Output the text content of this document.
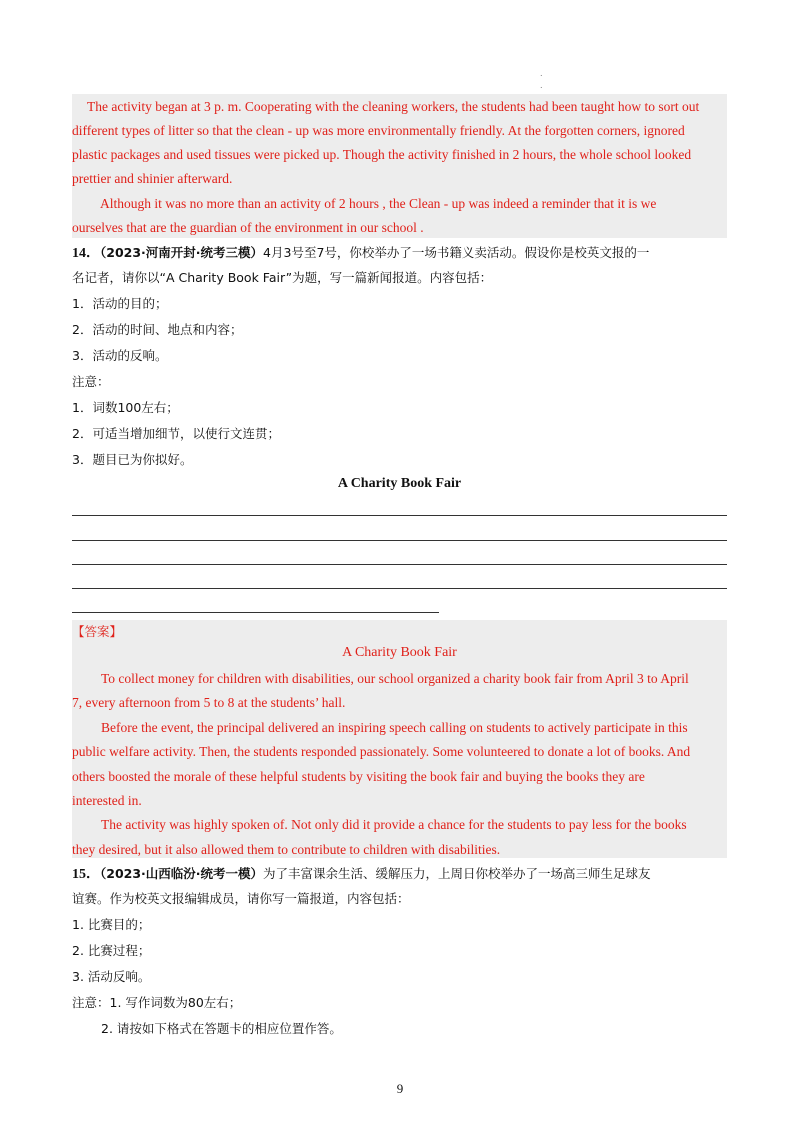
.
.
The activity began at 3 p. m. Cooperating with the cleaning workers, the students had been taught how to sort out
different types of litter so that the clean - up was more environmentally friendly. At the forgotten corners, ignored
plastic packages and used tissues were picked up. Though the activity finished in 2 hours, the whole school looked
prettier and shinier afterward.
Although it was no more than an activity of 2 hours , the Clean - up was indeed a reminder that it is we
ourselves that are the guardian of the environment in our school .
14．（2023·河南开封·统考三模）4月3号至7号，你校举办了一场书籍义卖活动。假设你是校英文报的一
名记者，请你以“A Charity Book Fair”为题，写一篇新闻报道。内容包括：
1．活动的目的；
2．活动的时间、地点和内容；
3．活动的反响。
注意：
1．词数100左右；
2．可适当增加细节，以使行文连贯；
3．题目已为你拟好。
A Charity Book Fair
【答案】
A Charity Book Fair
To collect money for children with disabilities, our school organized a charity book fair from April 3 to April
7, every afternoon from 5 to 8 at the students’ hall.
Before the event, the principal delivered an inspiring speech calling on students to actively participate in this
public welfare activity. Then, the students responded passionately. Some volunteered to donate a lot of books. And
others boosted the morale of these helpful students by visiting the book fair and buying the books they are
interested in.
The activity was highly spoken of. Not only did it provide a chance for the students to pay less for the books
they desired, but it also allowed them to contribute to children with disabilities.
15．（2023·山西临汾·统考一模）为了丰富课余生活、缓解压力，上周日你校举办了一场高三师生足球友
谊赛。作为校英文报编辑成员，请你写一篇报道，内容包括：
1. 比赛目的；
2. 比赛过程；
3. 活动反响。
注意：1. 写作词数为80左右；
2. 请按如下格式在答题卡的相应位置作答。
9
